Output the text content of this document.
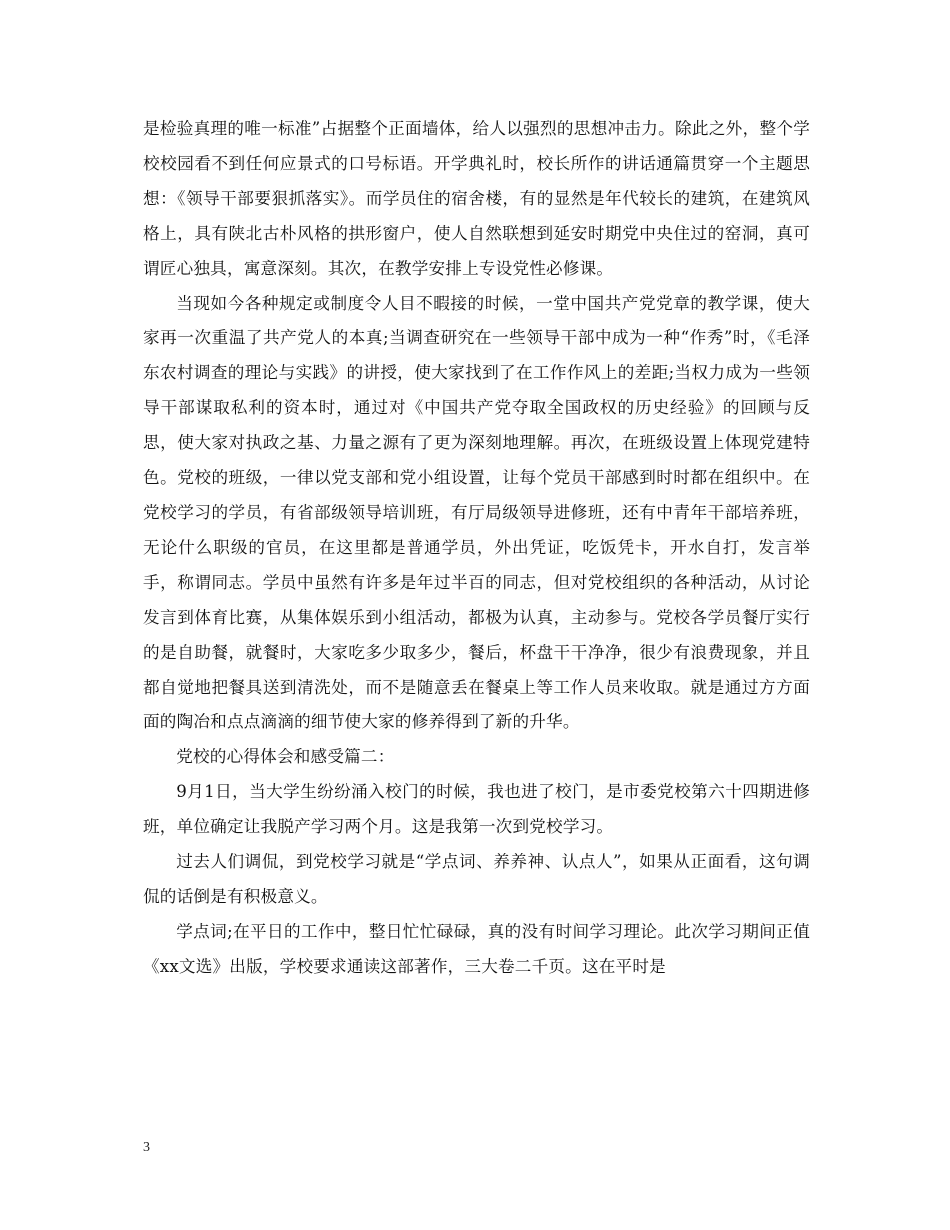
是检验真理的唯一标准”占据整个正面墙体，给人以强烈的思想冲击力。除此之外，整个学校校园看不到任何应景式的口号标语。开学典礼时，校长所作的讲话通篇贯穿一个主题思想：《领导干部要狠抓落实》。而学员住的宿舍楼，有的显然是年代较长的建筑，在建筑风格上，具有陕北古朴风格的拱形窗户，使人自然联想到延安时期党中央住过的窑洞，真可谓匠心独具，寓意深刻。其次，在教学安排上专设党性必修课。

当现如今各种规定或制度令人目不暇接的时候，一堂中国共产党党章的教学课，使大家再一次重温了共产党人的本真;当调查研究在一些领导干部中成为一种“作秀”时，《毛泽东农村调查的理论与实践》的讲授，使大家找到了在工作作风上的差距;当权力成为一些领导干部谋取私利的资本时，通过对《中国共产党夺取全国政权的历史经验》的回顾与反思，使大家对执政之基、力量之源有了更为深刻地理解。再次，在班级设置上体现党建特色。党校的班级，一律以党支部和党小组设置，让每个党员干部感到时时都在组织中。在党校学习的学员，有省部级领导培训班，有厅局级领导进修班，还有中青年干部培养班，无论什么职级的官员，在这里都是普通学员，外出凭证，吃饭凭卡，开水自打，发言举手，称谓同志。学员中虽然有许多是年过半百的同志，但对党校组织的各种活动，从讨论发言到体育比赛，从集体娱乐到小组活动，都极为认真，主动参与。党校各学员餐厅实行的是自助餐，就餐时，大家吃多少取多少，餐后，杯盘干干净净，很少有浪费现象，并且都自觉地把餐具送到清洗处，而不是随意丢在餐桌上等工作人员来收取。就是通过方方面面的陶冶和点点滴滴的细节使大家的修养得到了新的升华。

党校的心得体会和感受篇二：

9月1日，当大学生纷纷涌入校门的时候，我也进了校门，是市委党校第六十四期进修班，单位确定让我脱产学习两个月。这是我第一次到党校学习。

过去人们调侃，到党校学习就是“学点词、养养神、认点人”，如果从正面看，这句调侃的话倒是有积极意义。

学点词;在平日的工作中，整日忙忙碌碌，真的没有时间学习理论。此次学习期间正值《xx文选》出版，学校要求通读这部著作，三大卷二千页。这在平时是

3
